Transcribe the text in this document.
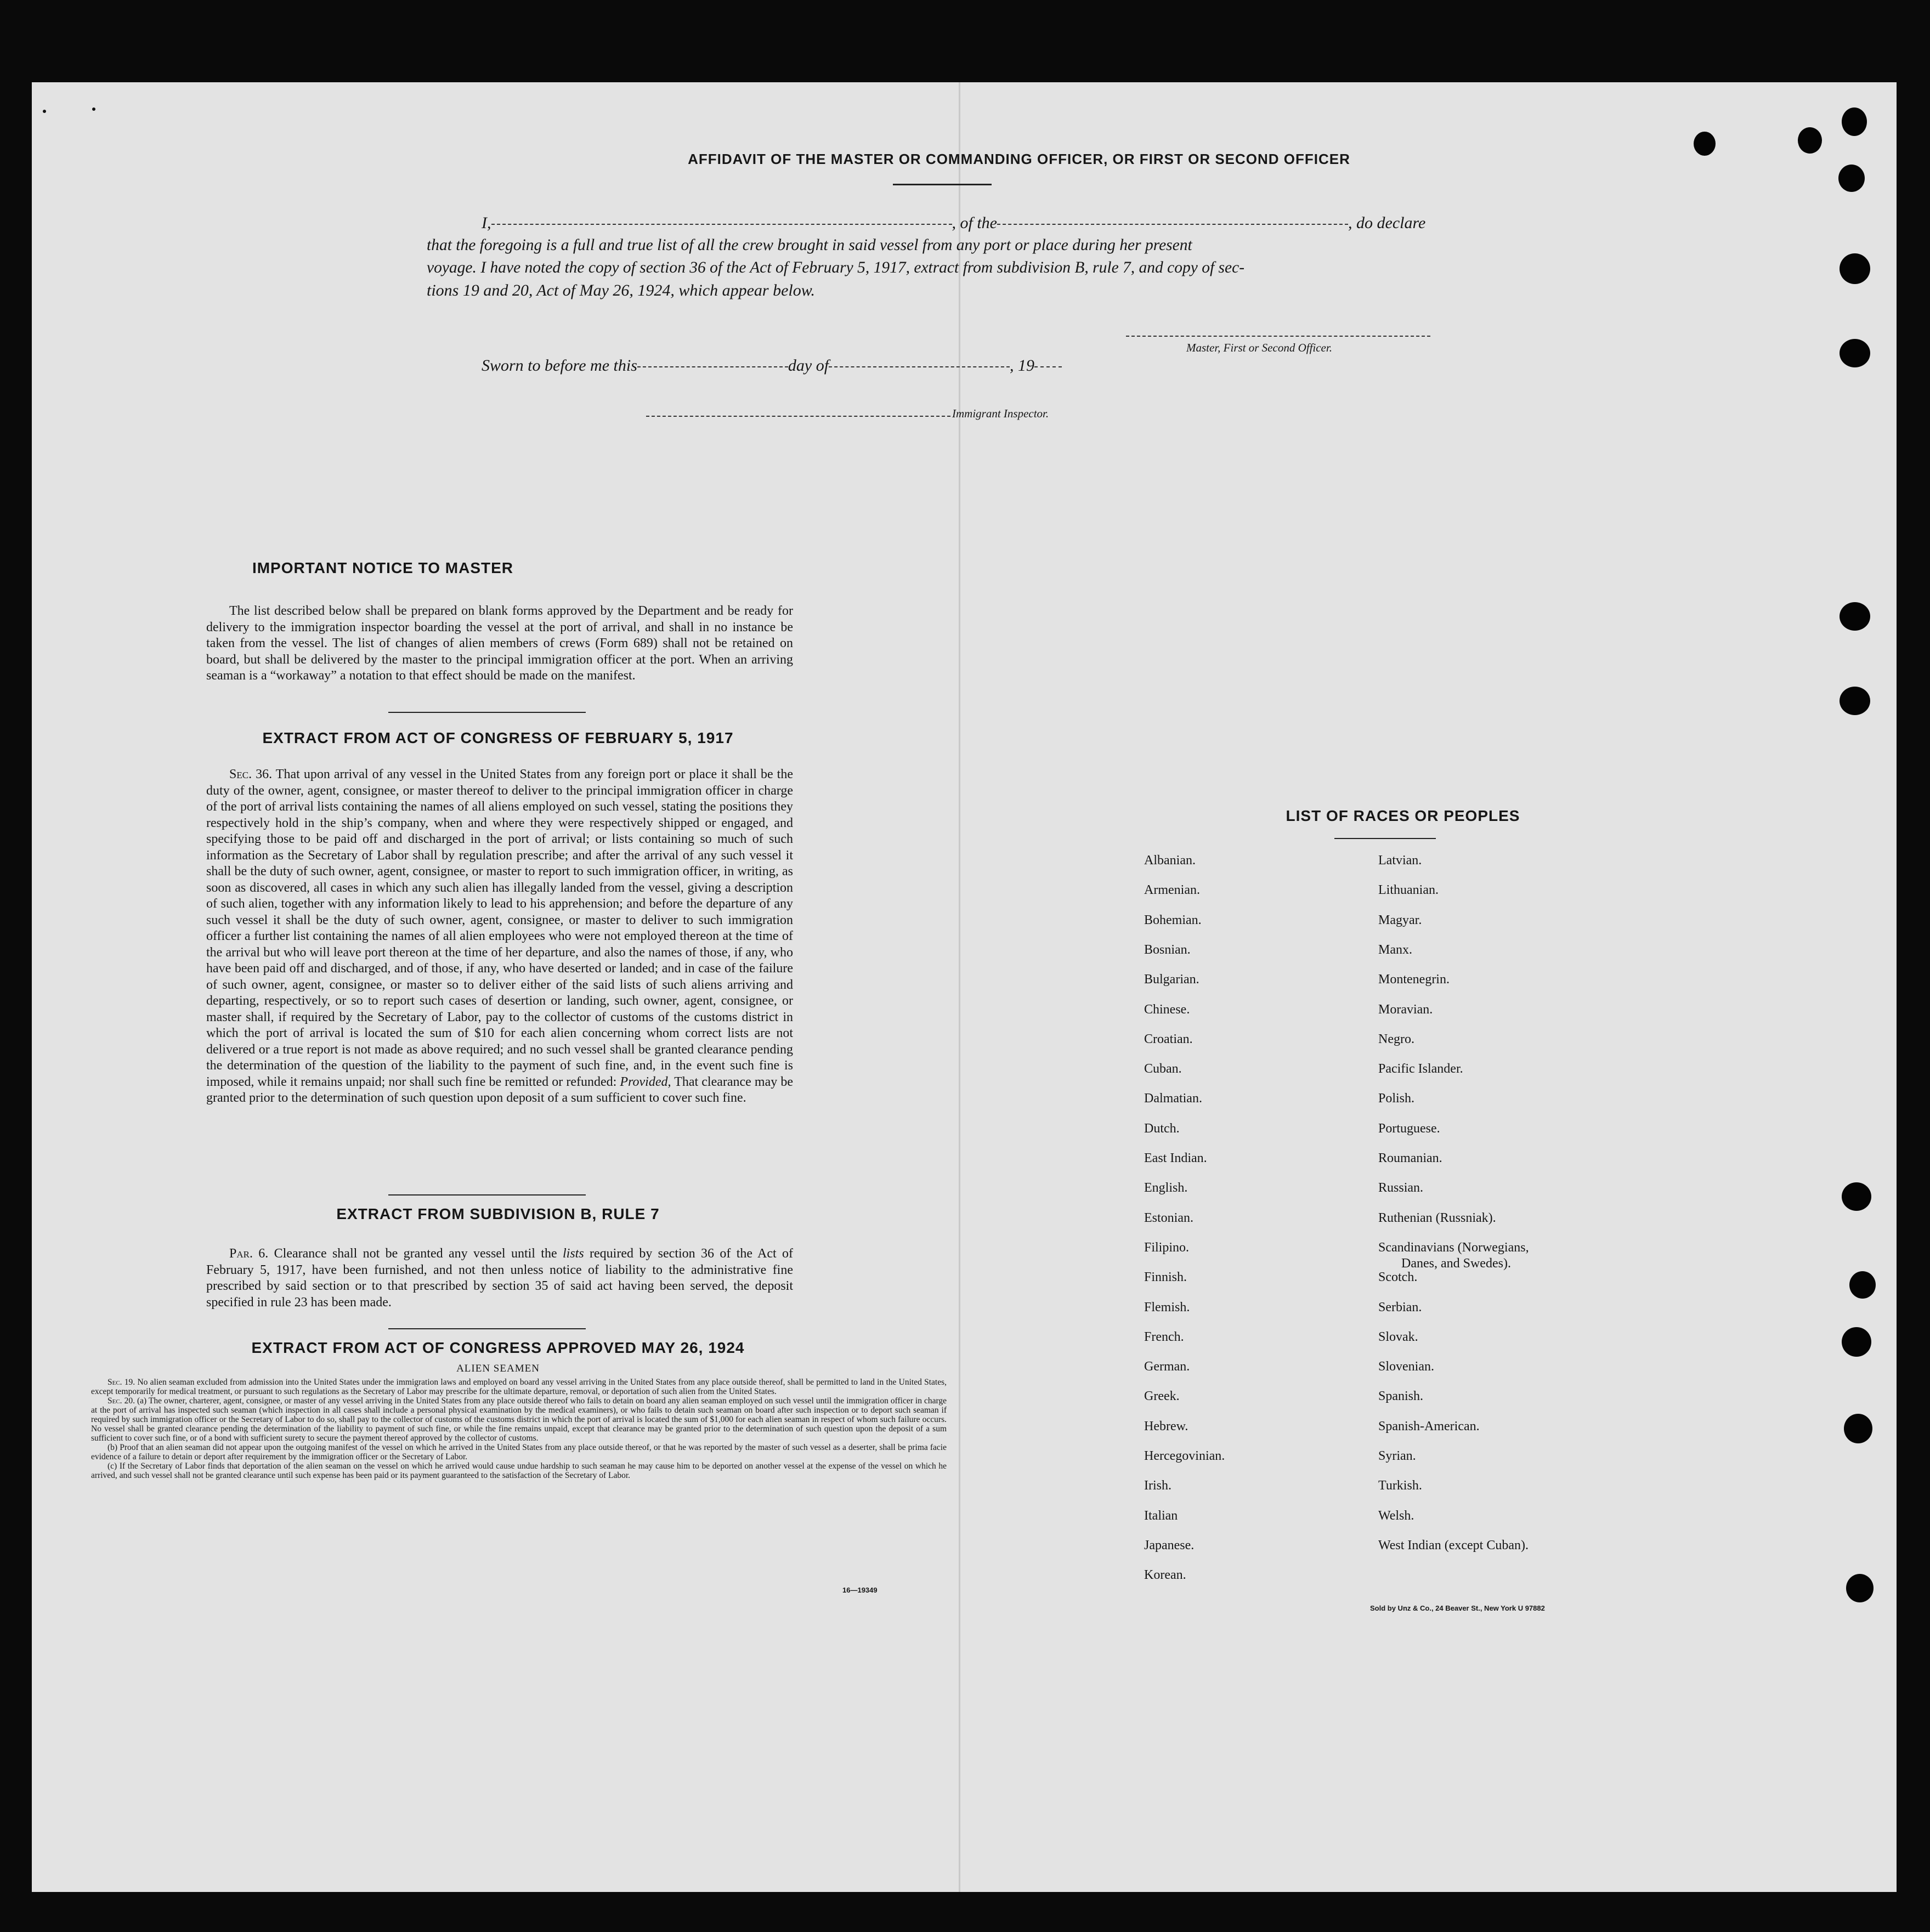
AFFIDAVIT OF THE MASTER OR COMMANDING OFFICER, OR FIRST OR SECOND OFFICER
I,	, of the	, do declare
that the foregoing is a full and true list of all the crew brought in said vessel from any port or place during her present
voyage. I have noted the copy of section 36 of the Act of February 5, 1917, extract from subdivision B, rule 7, and copy of sec-
tions 19 and 20, Act of May 26, 1924, which appear below.
Master, First or Second Officer.
Sworn to before me this	day of	, 19
Immigrant Inspector.
IMPORTANT NOTICE TO MASTER
The list described below shall be prepared on blank forms approved by the Department and be ready for delivery to the immigration inspector boarding the vessel at the port of arrival, and shall in no instance be taken from the vessel. The list of changes of alien members of crews (Form 689) shall not be retained on board, but shall be delivered by the master to the principal immigration officer at the port. When an arriving seaman is a “workaway” a notation to that effect should be made on the manifest.
EXTRACT FROM ACT OF CONGRESS OF FEBRUARY 5, 1917
Sec. 36. That upon arrival of any vessel in the United States from any foreign port or place it shall be the duty of the owner, agent, consignee, or master thereof to deliver to the principal immigration officer in charge of the port of arrival lists containing the names of all aliens employed on such vessel, stating the positions they respectively hold in the ship’s company, when and where they were respectively shipped or engaged, and specifying those to be paid off and discharged in the port of arrival; or lists containing so much of such information as the Secretary of Labor shall by regulation prescribe; and after the arrival of any such vessel it shall be the duty of such owner, agent, consignee, or master to report to such immigration officer, in writing, as soon as discovered, all cases in which any such alien has illegally landed from the vessel, giving a description of such alien, together with any information likely to lead to his apprehension; and before the departure of any such vessel it shall be the duty of such owner, agent, consignee, or master to deliver to such immigration officer a further list containing the names of all alien employees who were not employed thereon at the time of the arrival but who will leave port thereon at the time of her departure, and also the names of those, if any, who have been paid off and discharged, and of those, if any, who have deserted or landed; and in case of the failure of such owner, agent, consignee, or master so to deliver either of the said lists of such aliens arriving and departing, respectively, or so to report such cases of desertion or landing, such owner, agent, consignee, or master shall, if required by the Secretary of Labor, pay to the collector of customs of the customs district in which the port of arrival is located the sum of $10 for each alien concerning whom correct lists are not delivered or a true report is not made as above required; and no such vessel shall be granted clearance pending the determination of the question of the liability to the payment of such fine, and, in the event such fine is imposed, while it remains unpaid; nor shall such fine be remitted or refunded: Provided, That clearance may be granted prior to the determination of such question upon deposit of a sum sufficient to cover such fine.
EXTRACT FROM SUBDIVISION B, RULE 7
Par. 6. Clearance shall not be granted any vessel until the lists required by section 36 of the Act of February 5, 1917, have been furnished, and not then unless notice of liability to the administrative fine prescribed by said section or to that prescribed by section 35 of said act having been served, the deposit specified in rule 23 has been made.
EXTRACT FROM ACT OF CONGRESS APPROVED MAY 26, 1924
ALIEN SEAMEN

Sec. 19. No alien seaman excluded from admission into the United States under the immigration laws and employed on board any vessel arriving in the United States from any place outside thereof, shall be permitted to land in the United States, except temporarily for medical treatment, or pursuant to such regulations as the Secretary of Labor may prescribe for the ultimate departure, removal, or deportation of such alien from the United States.

Sec. 20. (a) The owner, charterer, agent, consignee, or master of any vessel arriving in the United States from any place outside thereof who fails to detain on board any alien seaman employed on such vessel until the immigration officer in charge at the port of arrival has inspected such seaman (which inspection in all cases shall include a personal physical examination by the medical examiners), or who fails to detain such seaman on board after such inspection or to deport such seaman if required by such immigration officer or the Secretary of Labor to do so, shall pay to the collector of customs of the customs district in which the port of arrival is located the sum of $1,000 for each alien seaman in respect of whom such failure occurs. No vessel shall be granted clearance pending the determination of the liability to payment of such fine, or while the fine remains unpaid, except that clearance may be granted prior to the determination of such question upon the deposit of a sum sufficient to cover such fine, or of a bond with sufficient surety to secure the payment thereof approved by the collector of customs.

(b) Proof that an alien seaman did not appear upon the outgoing manifest of the vessel on which he arrived in the United States from any place outside thereof, or that he was reported by the master of such vessel as a deserter, shall be prima facie evidence of a failure to detain or deport after requirement by the immigration officer or the Secretary of Labor.

(c) If the Secretary of Labor finds that deportation of the alien seaman on the vessel on which he arrived would cause undue hardship to such seaman he may cause him to be deported on another vessel at the expense of the vessel on which he arrived, and such vessel shall not be granted clearance until such expense has been paid or its payment guaranteed to the satisfaction of the Secretary of Labor.

16—19349
LIST OF RACES OR PEOPLES
Albanian.
Armenian.
Bohemian.
Bosnian.
Bulgarian.
Chinese.
Croatian.
Cuban.
Dalmatian.
Dutch.
East Indian.
English.
Estonian.
Filipino.
Finnish.
Flemish.
French.
German.
Greek.
Hebrew.
Hercegovinian.
Irish.
Italian
Japanese.
Korean.
Latvian.
Lithuanian.
Magyar.
Manx.
Montenegrin.
Moravian.
Negro.
Pacific Islander.
Polish.
Portuguese.
Roumanian.
Russian.
Ruthenian (Russniak).
Scandinavians (Norwegians,
Danes, and Swedes).
Scotch.
Serbian.
Slovak.
Slovenian.
Spanish.
Spanish-American.
Syrian.
Turkish.
Welsh.
West Indian (except Cuban).
Sold by Unz & Co., 24 Beaver St., New York U 97882
